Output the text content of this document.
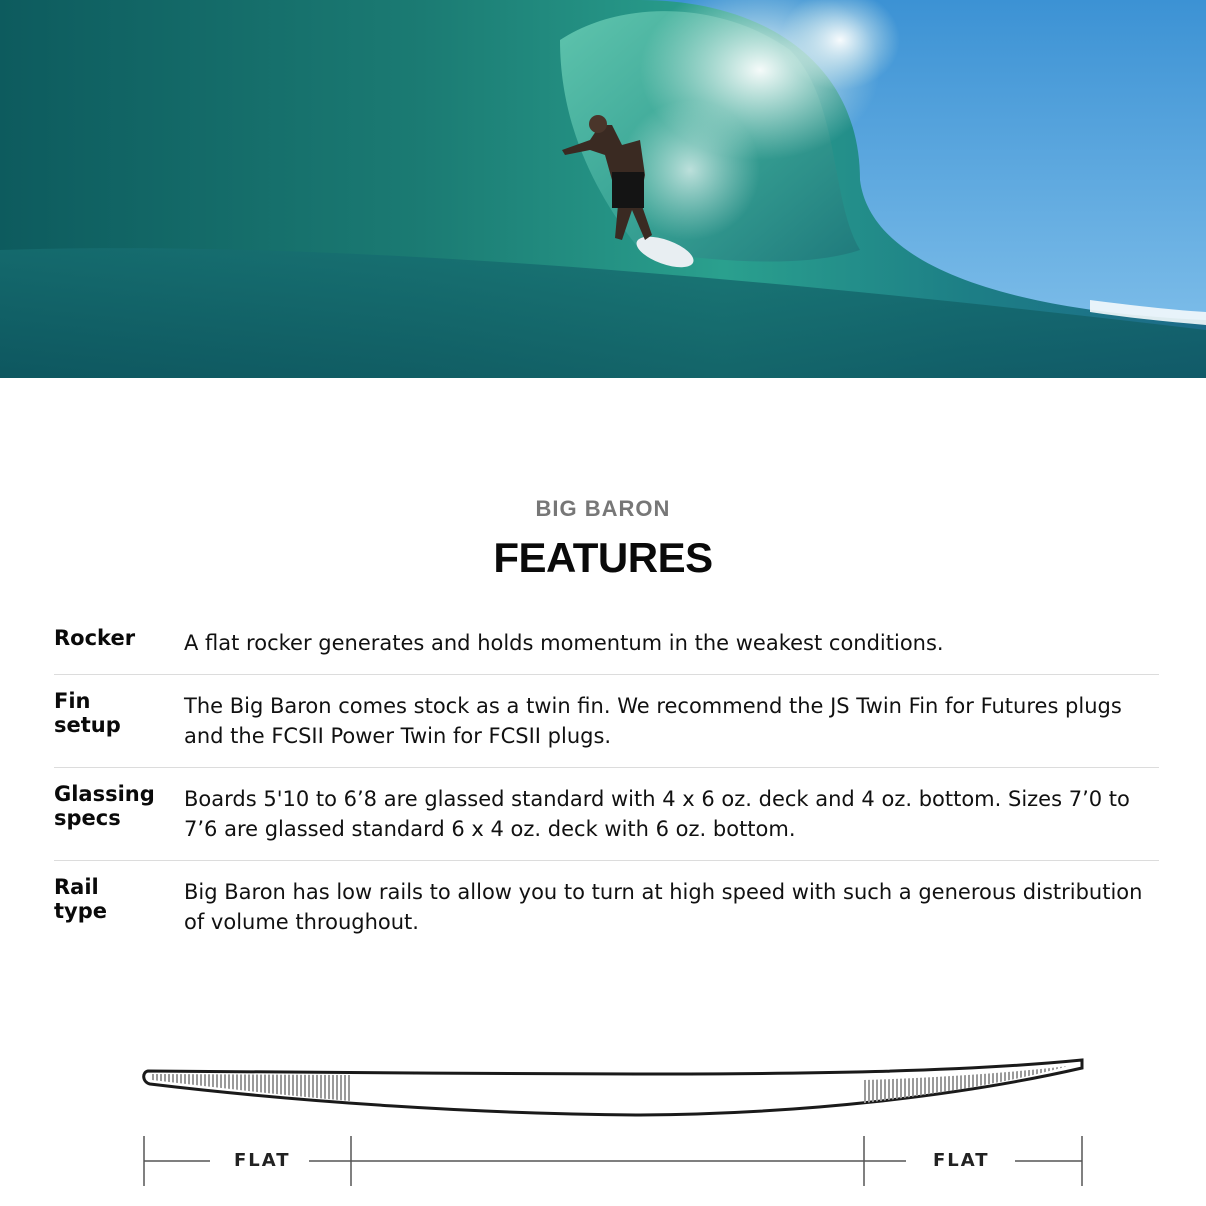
BIG BARON
FEATURES
Rocker	A flat rocker generates and holds momentum in the weakest conditions.
Fin
setup
The Big Baron comes stock as a twin fin. We recommend the JS Twin Fin for Futures plugs and the FCSII Power Twin for FCSII plugs.
Glassing
specs
Boards 5'10 to 6’8 are glassed standard with 4 x 6 oz. deck and 4 oz. bottom. Sizes 7’0 to 7’6 are glassed standard 6 x 4 oz. deck with 6 oz. bottom.
Rail
type
Big Baron has low rails to allow you to turn at high speed with such a generous distribution of volume throughout.
FLAT	FLAT
